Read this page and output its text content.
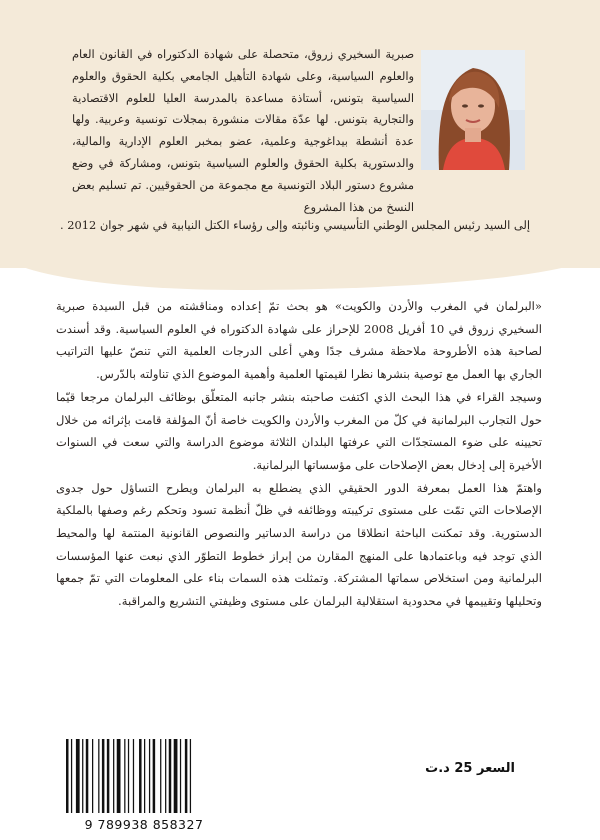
صبرية السخيري زروق، متحصلة على شهادة الدكتوراه في القانون العام والعلوم السياسية، وعلى شهادة التأهيل الجامعي بكلية الحقوق والعلوم السياسية بتونس، أستاذة مساعدة بالمدرسة العليا للعلوم الاقتصادية والتجارية بتونس. لها عدّة مقالات منشورة بمجلات تونسية وعربية. ولها عدة أنشطة بيداغوجية وعلمية، عضو بمخبر العلوم الإدارية والمالية، والدستورية بكلية الحقوق والعلوم السياسية بتونس، ومشاركة في وضع مشروع دستور البلاد التونسية مع مجموعة من الحقوقيين. تم تسليم بعض النسخ من هذا المشروع
إلى السيد رئيس المجلس الوطني التأسيسي ونائبته وإلى رؤساء الكتل النيابية في شهر جوان 2012 .

«البرلمان في المغرب والأردن والكويت» هو بحث تمّ إعداده ومناقشته من قبل السيدة صبرية السخيري زروق في 10 أفريل 2008 للإحراز على شهادة الدكتوراه في العلوم السياسية. وقد أسندت لصاحبة هذه الأطروحة ملاحظة مشرف جدًا وهي أعلى الدرجات العلمية التي تنصّ عليها التراتيب الجاري بها العمل مع توصية بنشرها نظرا لقيمتها العلمية وأهمية الموضوع الذي تناولته بالدّرس.

وسيجد القراء في هذا البحث الذي اكتفت صاحبته بنشر جانبه المتعلّق بوظائف البرلمان مرجعا قيّما حول التجارب البرلمانية في كلّ من المغرب والأردن والكويت خاصة أنّ المؤلفة قامت بإثرائه من خلال تحيينه على ضوء المستجدّات التي عرفتها البلدان الثلاثة موضوع الدراسة والتي سعت في السنوات الأخيرة إلى إدخال بعض الإصلاحات على مؤسساتها البرلمانية.

واهتمّ هذا العمل بمعرفة الدور الحقيقي الذي يضطلع به البرلمان ويطرح التساؤل حول جدوى الإصلاحات التي تمّت على مستوى تركيبته ووظائفه في ظلّ أنظمة تسود وتحكم رغم وصفها بالملكية الدستورية. وقد تمكنت الباحثة انطلاقا من دراسة الدساتير والنصوص القانونية المنتمة لها والمحيط الذي توجد فيه وباعتمادها على المنهج المقارن من إبراز خطوط التطوّر الذي نبعت عنها المؤسسات البرلمانية ومن استخلاص سماتها المشتركة. وتمثلت هذه السمات بناء على المعلومات التي تمّ جمعها وتحليلها وتقييمها في محدودية استقلالية البرلمان على مستوى وظيفتي التشريع والمراقبة.

9 789938 858327
السعر 25 د.ت
